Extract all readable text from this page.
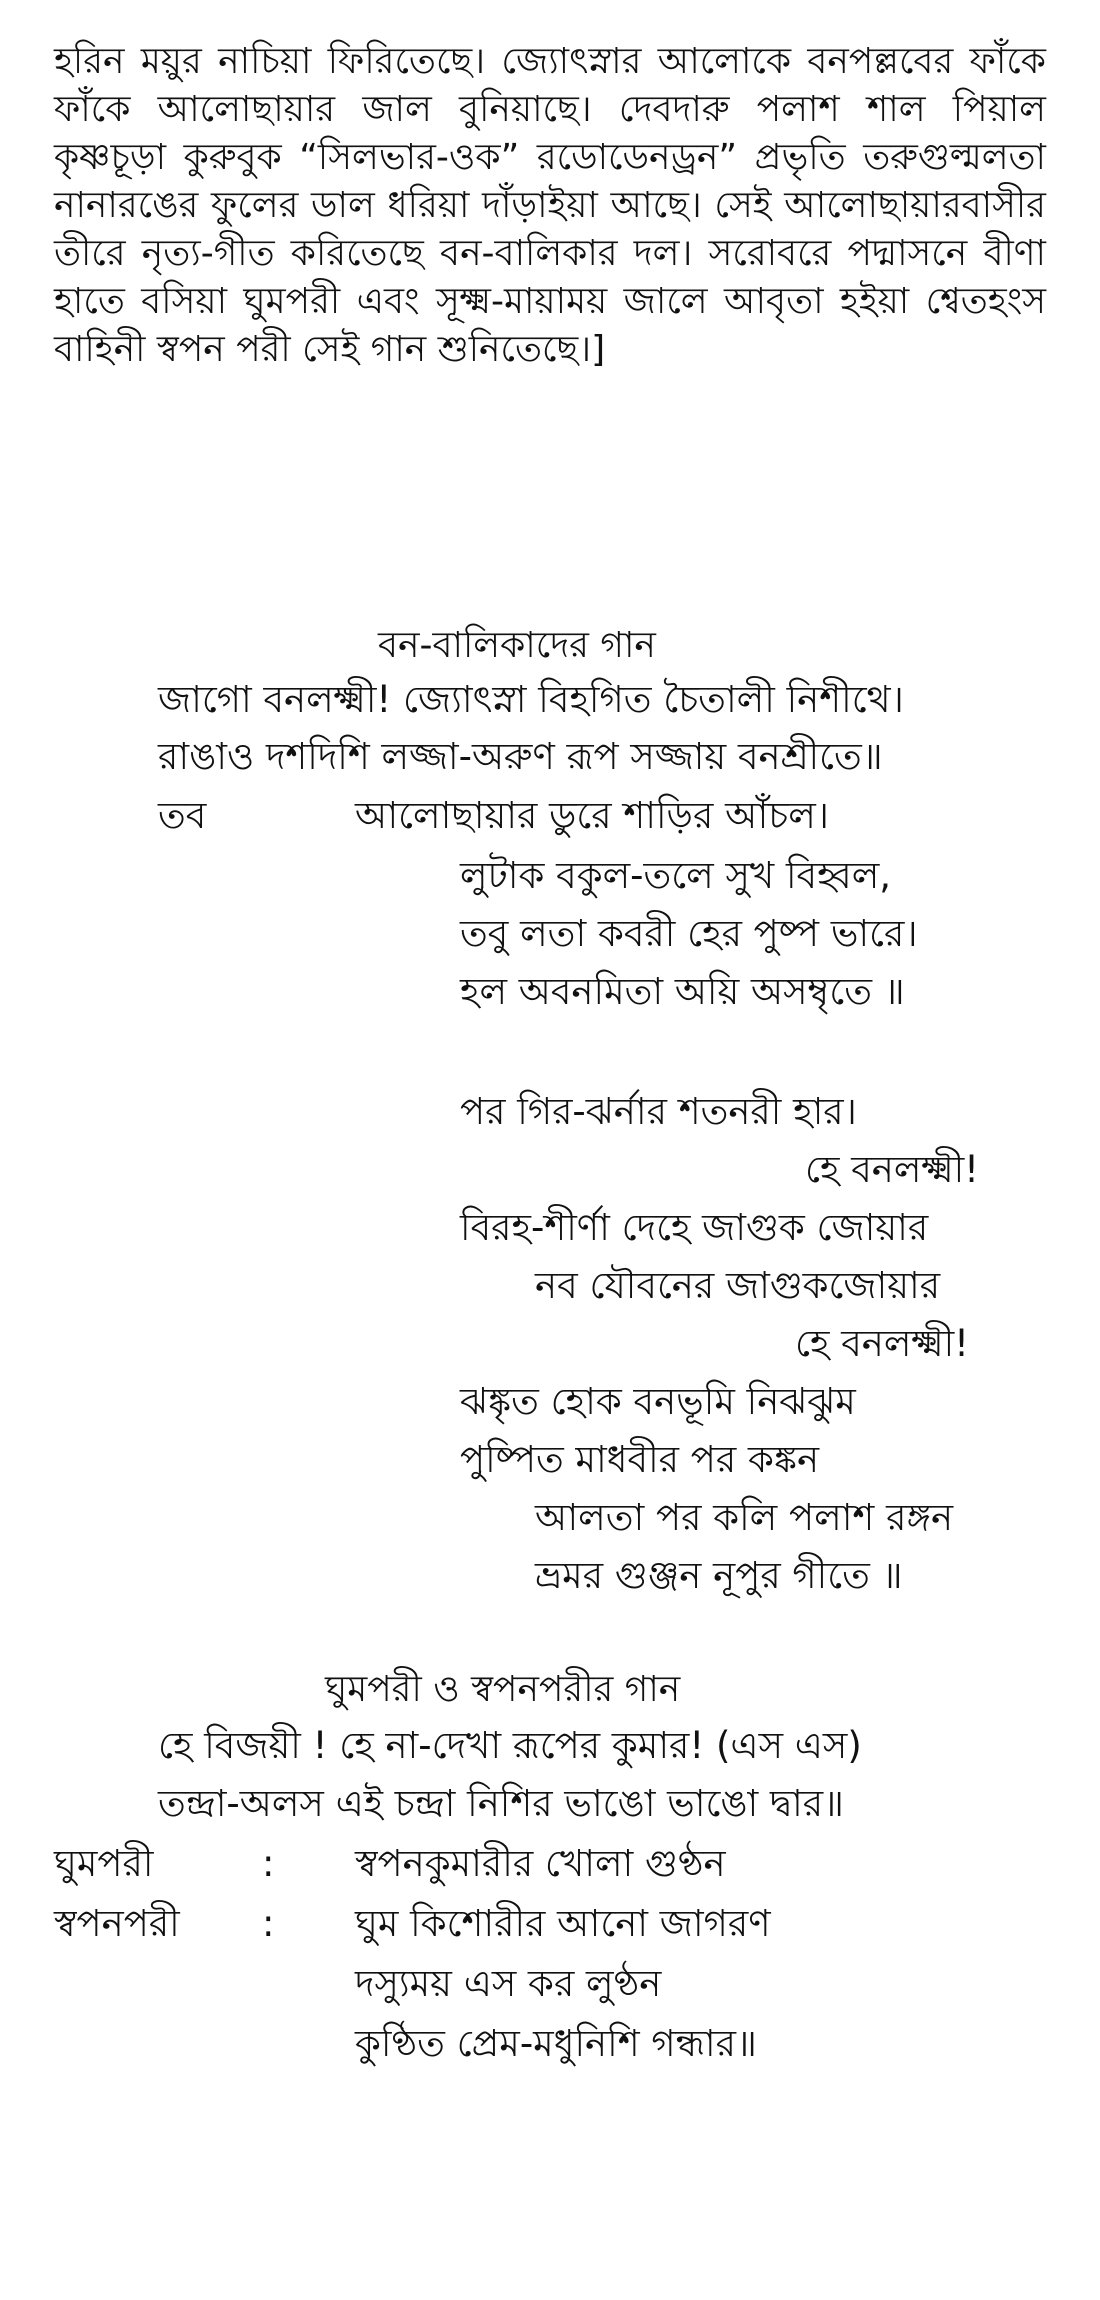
হরিন ময়ুর নাচিয়া ফিরিতেছে। জ্যোৎস্নার আলোকে বনপল্লবের ফাঁকে ফাঁকে আলোছায়ার জাল বুনিয়াছে। দেবদারু পলাশ শাল পিয়াল কৃষ্ণচূড়া কুরুবুক “সিলভার-ওক” রডোডেনড্রন” প্রভৃতি তরুগুল্মলতা নানারঙের ফুলের ডাল ধরিয়া দাঁড়াইয়া আছে। সেই আলোছায়ারবাসীর তীরে নৃত্য-গীত করিতেছে বন-বালিকার দল। সরোবরে পদ্মাসনে বীণা হাতে বসিয়া ঘুমপরী এবং সূক্ষ্ম-মায়াময় জালে আবৃতা হইয়া শ্বেতহংস বাহিনী স্বপন পরী সেই গান শুনিতেছে।]

বন-বালিকাদের গান
জাগো বনলক্ষ্মী! জ্যোৎস্না বিহগিত চৈতালী নিশীথে।
রাঙাও দশদিশি লজ্জা-অরুণ রূপ সজ্জায় বনশ্রীতে॥
তব	আলোছায়ার ডুরে শাড়ির আঁচল।
লুটাক বকুল-তলে সুখ বিহ্বল,
তবু লতা কবরী হের পুষ্প ভারে।
হল অবনমিতা অয়ি অসম্বৃতে ॥
পর গির-ঝর্নার শতনরী হার।
হে বনলক্ষ্মী!
বিরহ-শীর্ণা দেহে জাগুক জোয়ার
নব যৌবনের জাগুকজোয়ার
হে বনলক্ষ্মী!
ঝঙ্কৃত হোক বনভূমি নিঝঝুম
পুষ্পিত মাধবীর পর কঙ্কন
আলতা পর কলি পলাশ রঙ্গন
ভ্রমর গুঞ্জন নূপুর গীতে ॥
ঘুমপরী ও স্বপনপরীর গান
হে বিজয়ী ! হে না-দেখা রূপের কুমার! (এস এস)
তন্দ্রা-অলস এই চন্দ্রা নিশির ভাঙো ভাঙো দ্বার॥
ঘুমপরী	: স্বপনকুমারীর খোলা গুণ্ঠন
স্বপনপরী : ঘুম কিশোরীর আনো জাগরণ
দস্যুময় এস কর লুণ্ঠন
কুণ্ঠিত প্রেম-মধুনিশি গন্ধার॥
